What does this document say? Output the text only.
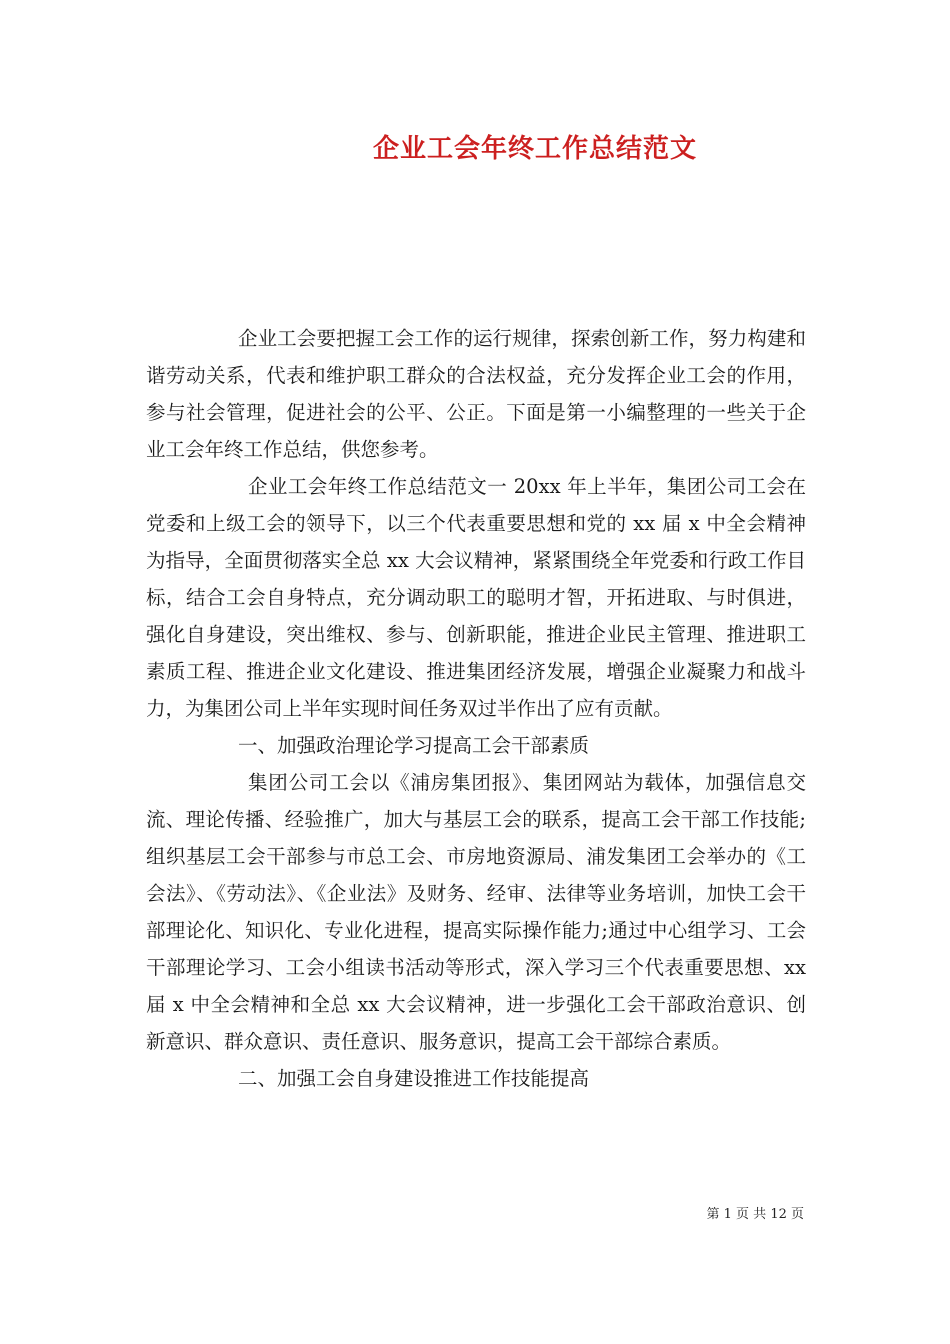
企业工会年终工作总结范文

企业工会要把握工会工作的运行规律，探索创新工作，努力构建和谐劳动关系，代表和维护职工群众的合法权益，充分发挥企业工会的作用，参与社会管理，促进社会的公平、公正。下面是第一小编整理的一些关于企业工会年终工作总结，供您参考。

企业工会年终工作总结范文一 20xx 年上半年，集团公司工会在党委和上级工会的领导下，以三个代表重要思想和党的 xx 届 x 中全会精神为指导，全面贯彻落实全总 xx 大会议精神，紧紧围绕全年党委和行政工作目标，结合工会自身特点，充分调动职工的聪明才智，开拓进取、与时俱进，强化自身建设，突出维权、参与、创新职能，推进企业民主管理、推进职工素质工程、推进企业文化建设、推进集团经济发展，增强企业凝聚力和战斗力，为集团公司上半年实现时间任务双过半作出了应有贡献。

一、加强政治理论学习提高工会干部素质

集团公司工会以《浦房集团报》、集团网站为载体，加强信息交流、理论传播、经验推广，加大与基层工会的联系，提高工会干部工作技能;组织基层工会干部参与市总工会、市房地资源局、浦发集团工会举办的《工会法》、《劳动法》、《企业法》及财务、经审、法律等业务培训，加快工会干部理论化、知识化、专业化进程，提高实际操作能力;通过中心组学习、工会干部理论学习、工会小组读书活动等形式，深入学习三个代表重要思想、xx 届 x 中全会精神和全总 xx 大会议精神，进一步强化工会干部政治意识、创新意识、群众意识、责任意识、服务意识，提高工会干部综合素质。

二、加强工会自身建设推进工作技能提高

第 1 页 共 12 页
